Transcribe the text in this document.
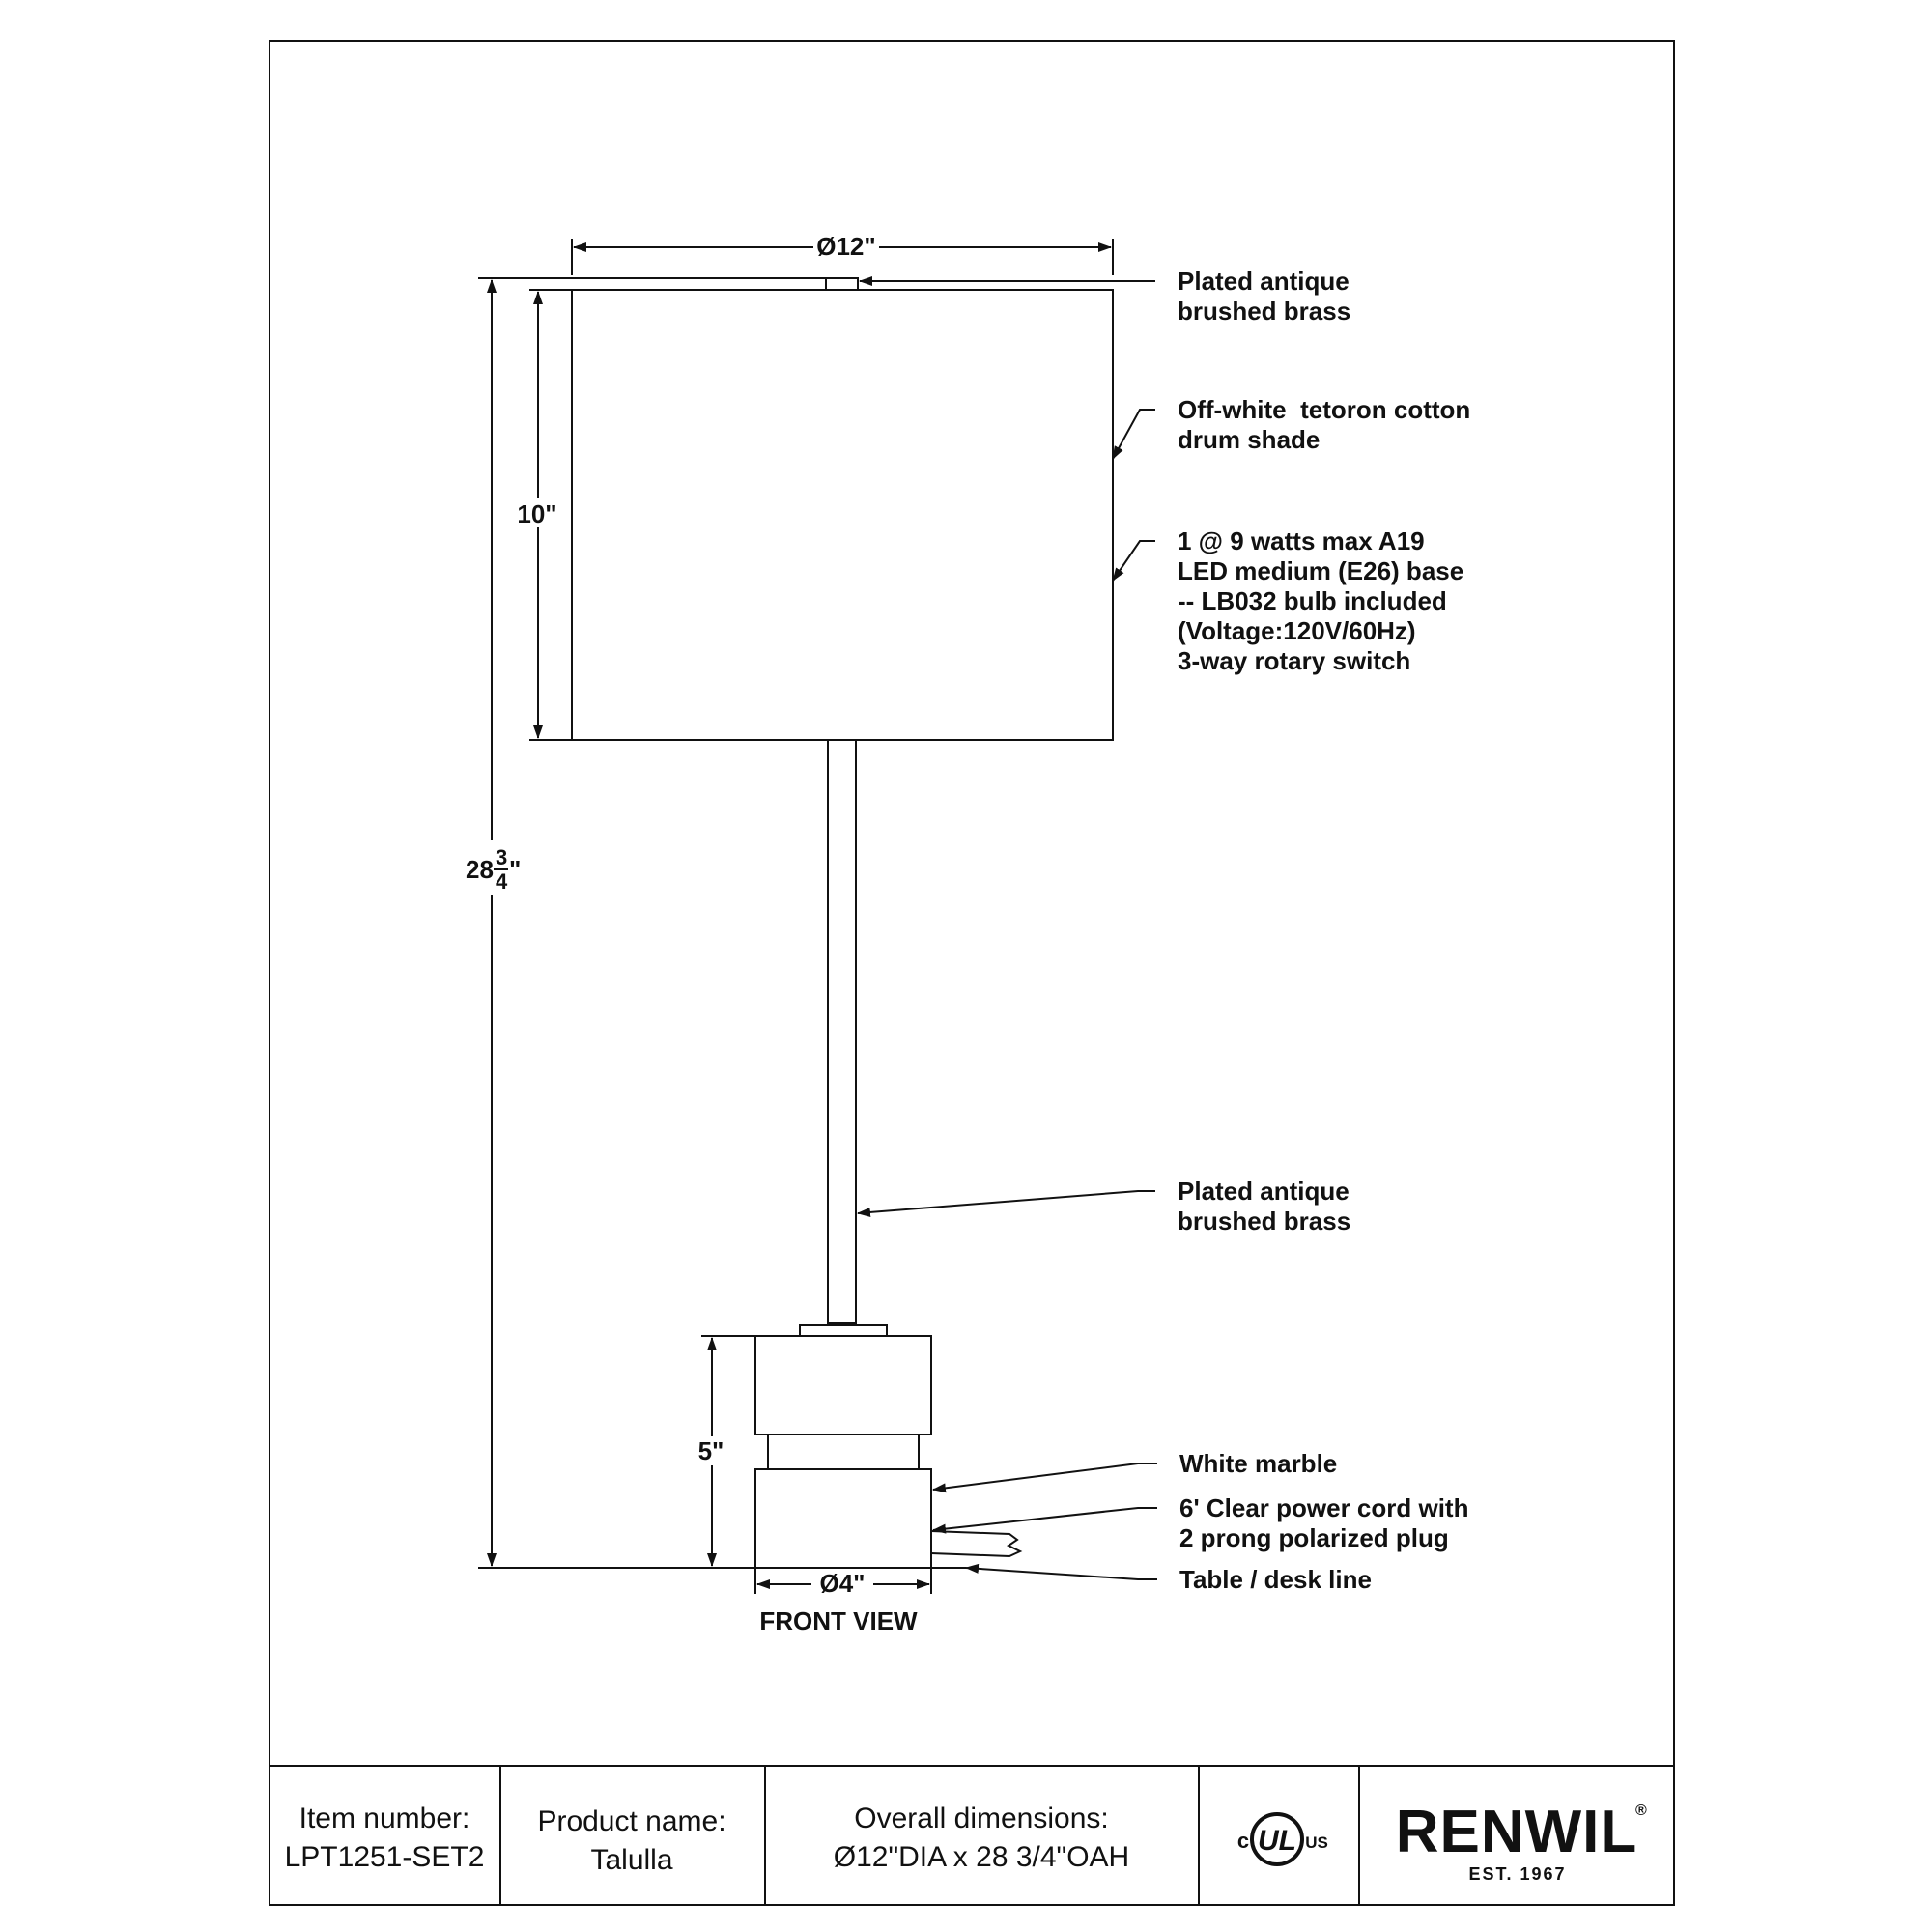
Ø12"
10"
28 3
4 "
5"
Ø4"
FRONT VIEW
Plated antique
brushed brass
Off-white  tetoron cotton
drum shade
1 @ 9 watts max A19
LED medium (E26) base
-- LB032 bulb included
(Voltage:120V/60Hz)
3-way rotary switch
Plated antique
brushed brass
White marble
6' Clear power cord with
2 prong polarized plug
Table / desk line
Item number:
LPT1251-SET2
Product name:
Talulla
Overall dimensions:
Ø12"DIA x 28 3/4"OAH
UL
c	US RENWIL
®
EST. 1967
